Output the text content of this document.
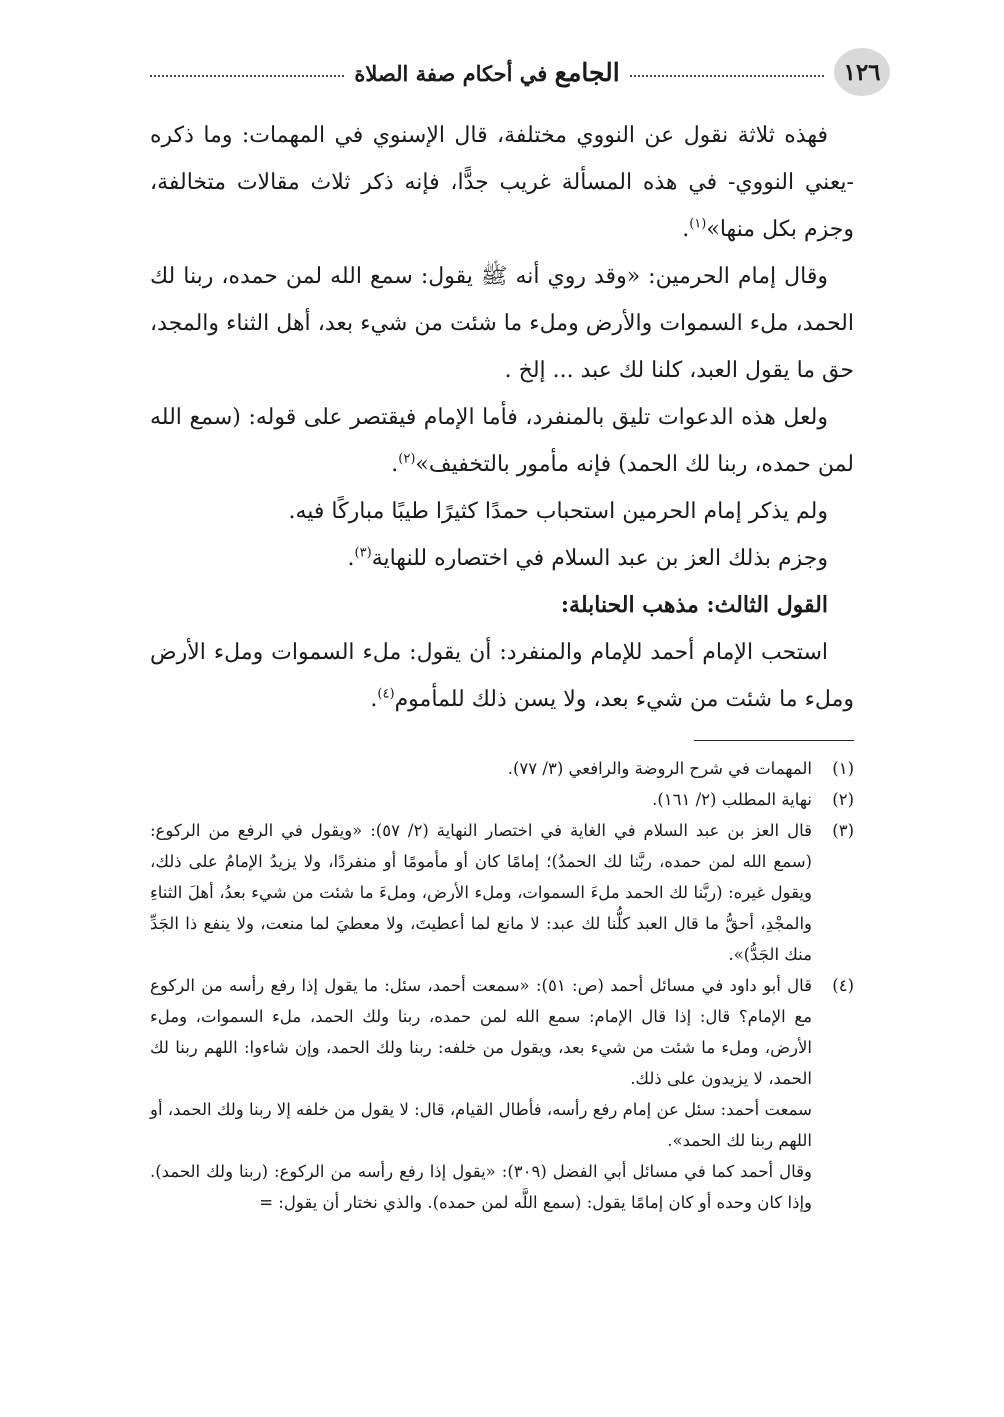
١٢٦
الجامع في أحكام صفة الصلاة

فهذه ثلاثة نقول عن النووي مختلفة، قال الإسنوي في المهمات: وما ذكره -يعني النووي- في هذه المسألة غريب جدًّا، فإنه ذكر ثلاث مقالات متخالفة، وجزم بكل منها»$^{(١)}$.

وقال إمام الحرمين: «وقد روي أنه ﷺ يقول: سمع الله لمن حمده، ربنا لك الحمد، ملء السموات والأرض وملء ما شئت من شيء بعد، أهل الثناء والمجد، حق ما يقول العبد، كلنا لك عبد ... إلخ .

ولعل هذه الدعوات تليق بالمنفرد، فأما الإمام فيقتصر على قوله: (سمع الله لمن حمده، ربنا لك الحمد) فإنه مأمور بالتخفيف»$^{(٢)}$.

ولم يذكر إمام الحرمين استحباب حمدًا كثيرًا طيبًا مباركًا فيه.

وجزم بذلك العز بن عبد السلام في اختصاره للنهاية$^{(٣)}$.

القول الثالث: مذهب الحنابلة:

استحب الإمام أحمد للإمام والمنفرد: أن يقول: ملء السموات وملء الأرض وملء ما شئت من شيء بعد، ولا يسن ذلك للمأموم$^{(٤)}$.

(١)
المهمات في شرح الروضة والرافعي (٣/ ٧٧).
(٢)
نهاية المطلب (٢/ ١٦١).
(٣)
قال العز بن عبد السلام في الغاية في اختصار النهاية (٢/ ٥٧): «ويقول في الرفع من الركوع: (سمع الله لمن حمده، ربَّنا لك الحمدُ)؛ إمامًا كان أو مأمومًا أو منفردًا، ولا يزيدُ الإمامُ على ذلك، ويقول غيره: (ربَّنا لك الحمد ملءَ السموات، وملء الأرض، وملءَ ما شئت من شيء بعدُ، أهلَ الثناءِ والمجْدِ، أحقُّ ما قال العبد كلُّنا لك عبد: لا مانع لما أعطيتَ، ولا معطيَ لما منعت، ولا ينفع ذا الجَدِّ منك الجَدُّ)».
(٤)
قال أبو داود في مسائل أحمد (ص: ٥١): «سمعت أحمد، سئل: ما يقول إذا رفع رأسه من الركوع مع الإمام؟ قال: إذا قال الإمام: سمع الله لمن حمده، ربنا ولك الحمد، ملء السموات، وملء الأرض، وملء ما شئت من شيء بعد، ويقول من خلفه: ربنا ولك الحمد، وإن شاءوا: اللهم ربنا لك الحمد، لا يزيدون على ذلك.
سمعت أحمد: سئل عن إمام رفع رأسه، فأطال القيام، قال: لا يقول من خلفه إلا ربنا ولك الحمد، أو اللهم ربنا لك الحمد».
وقال أحمد كما في مسائل أبي الفضل (٣٠٩): «يقول إذا رفع رأسه من الركوع: (ربنا ولك الحمد). وإذا كان وحده أو كان إمامًا يقول: (سمع اللَّه لمن حمده). والذي نختار أن يقول: =
